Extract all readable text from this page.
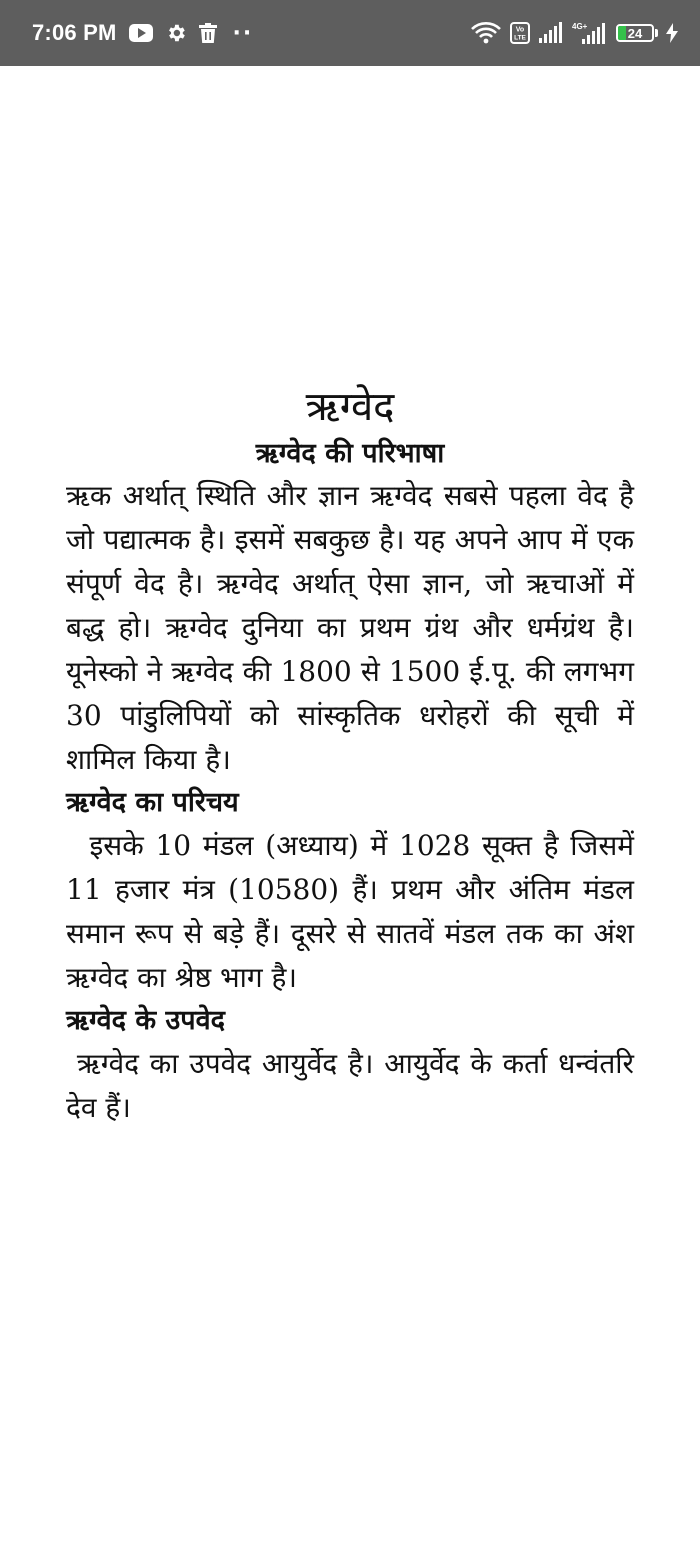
7:06 PM	··	Vo
LTE
4G+	24
ऋग्वेद
ऋग्वेद की परिभाषा

ऋक अर्थात् स्थिति और ज्ञान ऋग्वेद सबसे पहला वेद है जो पद्यात्मक है। इसमें सबकुछ है। यह अपने आप में एक संपूर्ण वेद है। ऋग्वेद अर्थात् ऐसा ज्ञान, जो ऋचाओं में बद्ध हो। ऋग्वेद दुनिया का प्रथम ग्रंथ और धर्मग्रंथ है। यूनेस्को ने ऋग्वेद की 1800 से 1500 ई.पू. की लगभग 30 पांडुलिपियों को सांस्कृतिक धरोहरों की सूची में शामिल किया है।

ऋग्वेद का परिचय

इसके 10 मंडल (अध्याय) में 1028 सूक्त है जिसमें 11 हजार मंत्र (10580) हैं। प्रथम और अंतिम मंडल समान रूप से बड़े हैं। दूसरे से सातवें मंडल तक का अंश ऋग्वेद का श्रेष्ठ भाग है।

ऋग्वेद के उपवेद

ऋग्वेद का उपवेद आयुर्वेद है। आयुर्वेद के कर्ता धन्वंतरि देव हैं।
